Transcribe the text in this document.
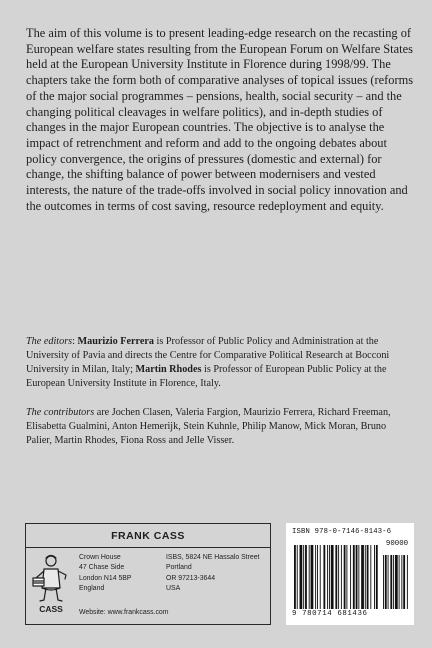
The aim of this volume is to present leading-edge research on the recasting of European welfare states resulting from the European Forum on Welfare States held at the European University Institute in Florence during 1998/99. The chapters take the form both of comparative analyses of topical issues (reforms of the major social programmes – pensions, health, social security – and the changing political cleavages in welfare politics), and in-depth studies of changes in the major European countries. The objective is to analyse the impact of retrenchment and reform and add to the ongoing debates about policy convergence, the origins of pressures (domestic and external) for change, the shifting balance of power between modernisers and vested interests, the nature of the trade-offs involved in social policy innovation and the outcomes in terms of cost saving, resource redeployment and equity.

The editors: Maurizio Ferrera is Professor of Public Policy and Administration at the University of Pavia and directs the Centre for Comparative Political Research at Bocconi University in Milan, Italy; Martin Rhodes is Professor of European Public Policy at the European University Institute in Florence, Italy.

The contributors are Jochen Clasen, Valeria Fargion, Maurizio Ferrera, Richard Freeman, Elisabetta Gualmini, Anton Hemerijk, Stein Kuhnle, Philip Manow, Mick Moran, Bruno Palier, Martin Rhodes, Fiona Ross and Jelle Visser.

FRANK CASS
CASS
Crown House
47 Chase Side
London N14 5BP
England
ISBS, 5824 NE Hassalo Street
Portland
OR 97213-3644
USA
Website: www.frankcass.com
ISBN 978-0-7146-8143-6
90000
9 780714 681436
